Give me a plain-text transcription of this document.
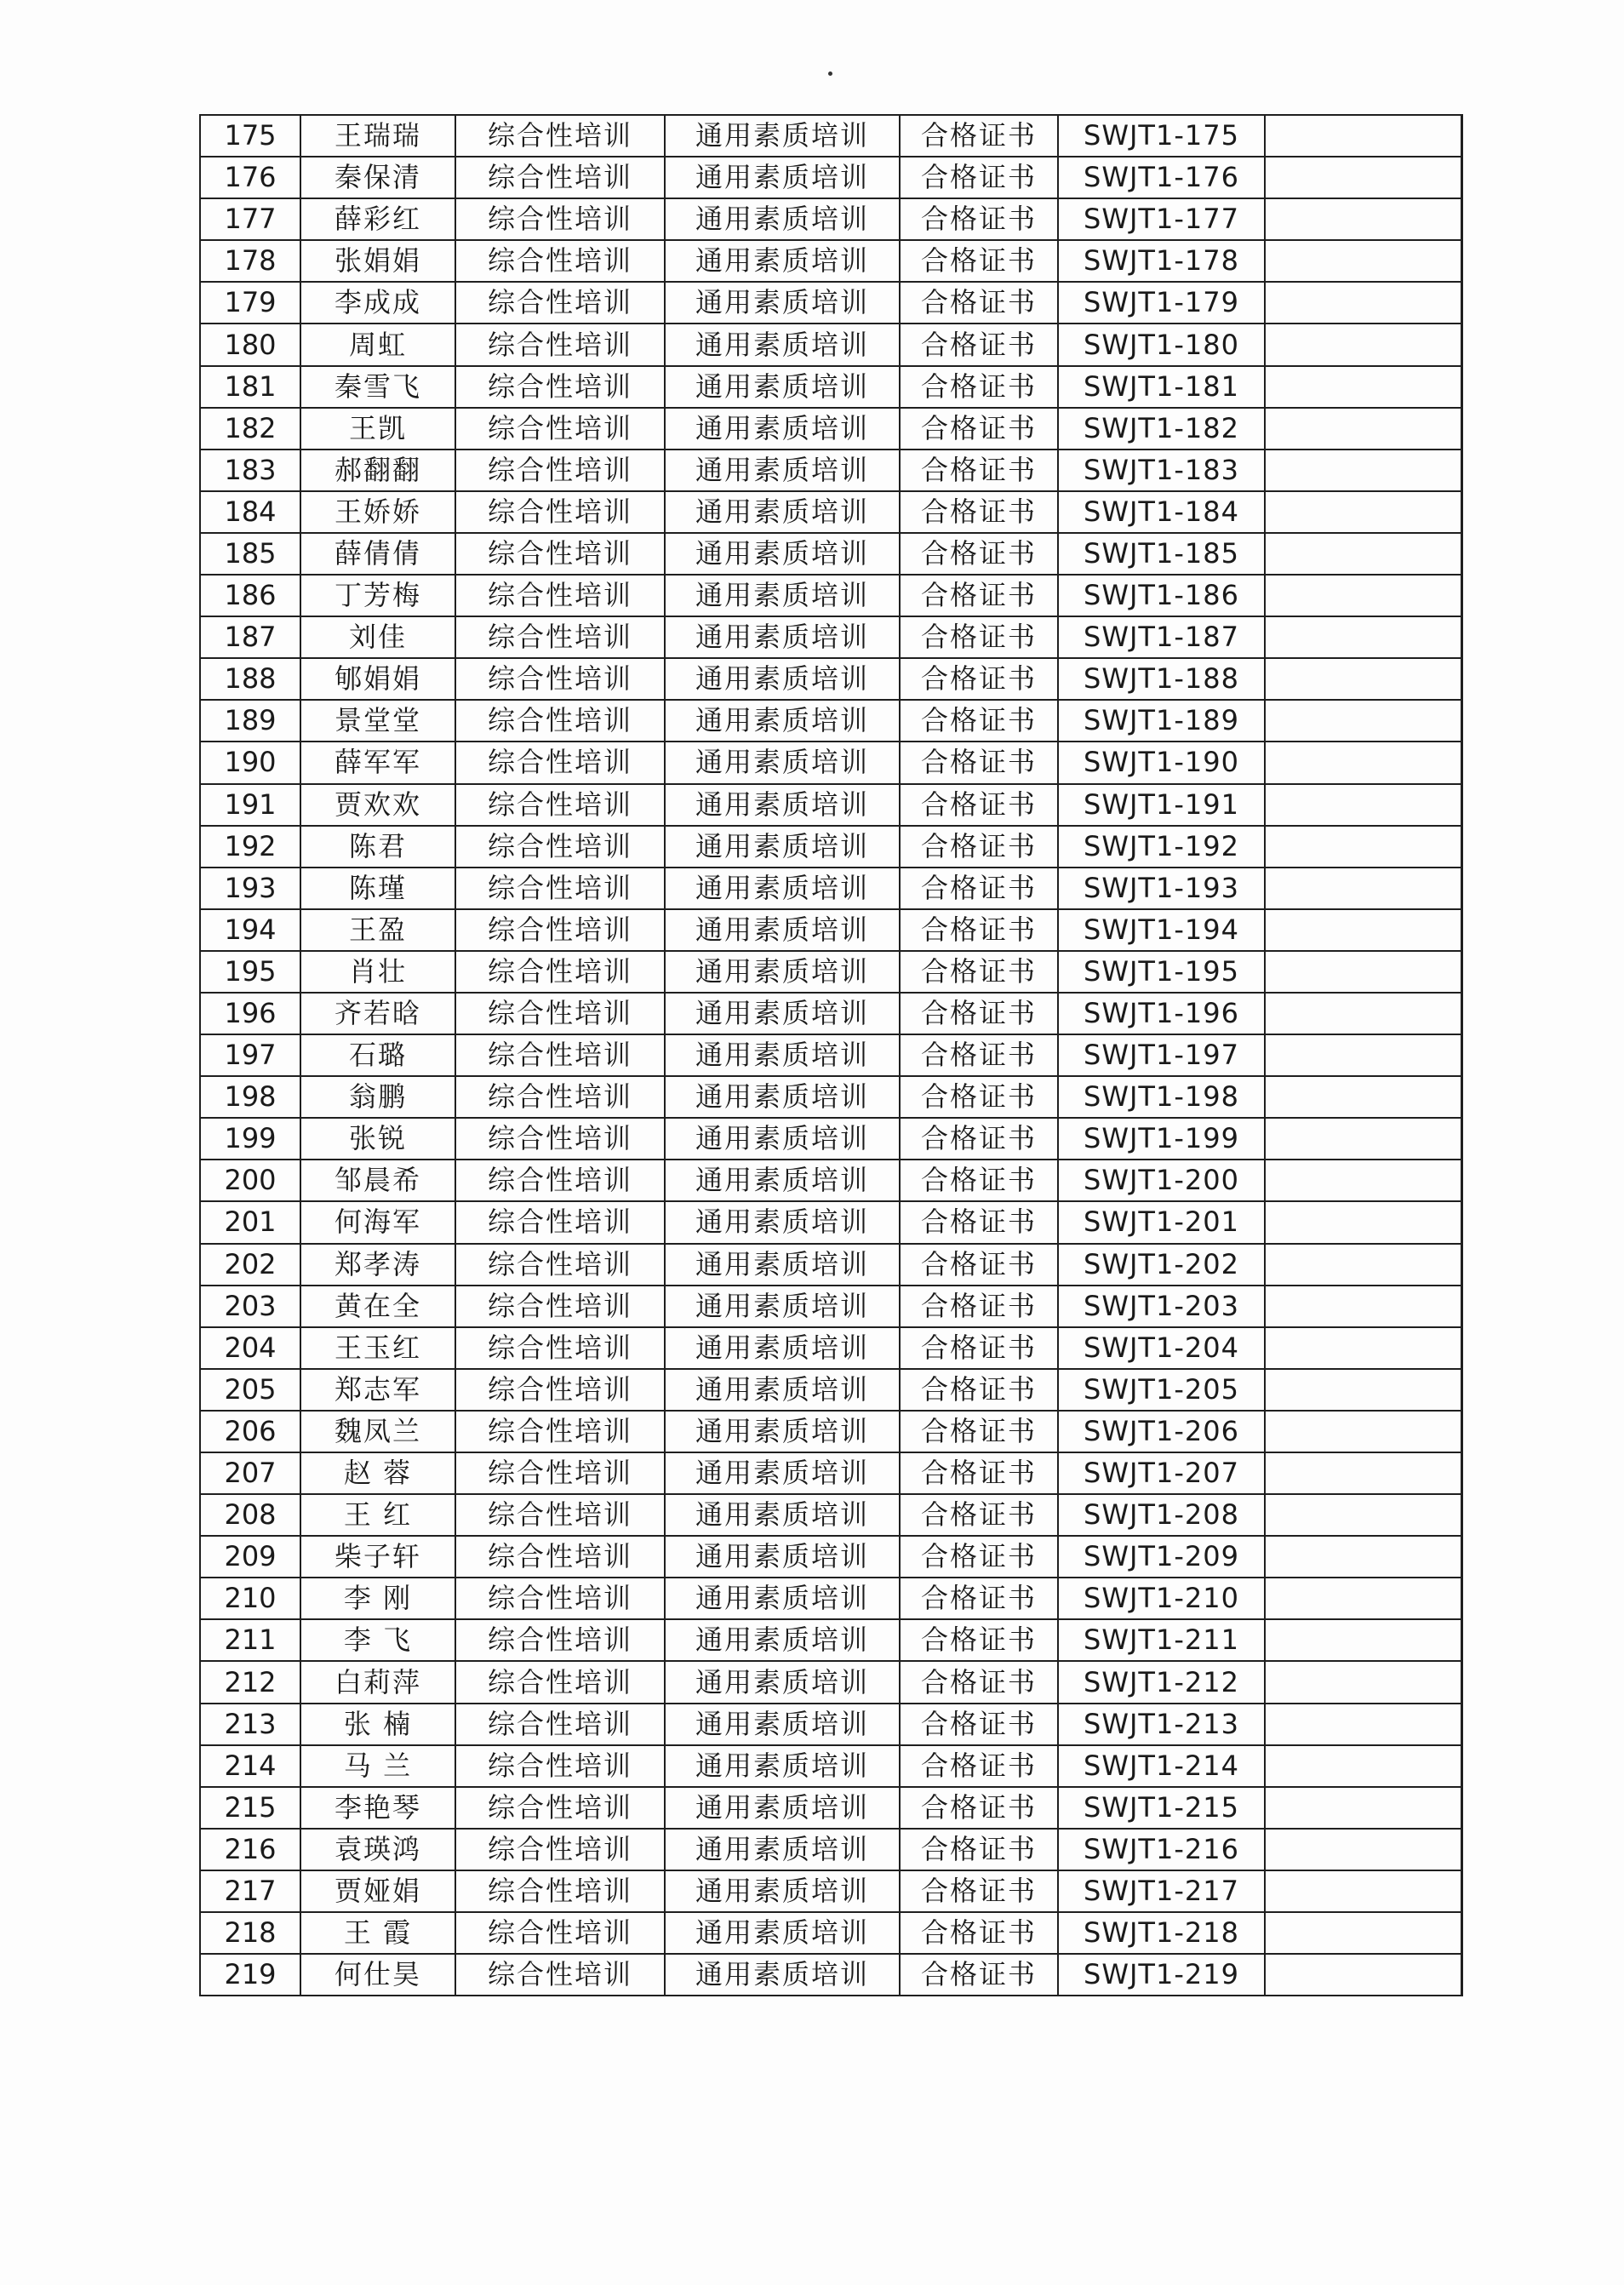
175	王瑞瑞	综合性培训	通用素质培训	合格证书	SWJT1-175	
176	秦保清	综合性培训	通用素质培训	合格证书	SWJT1-176	
177	薛彩红	综合性培训	通用素质培训	合格证书	SWJT1-177	
178	张娟娟	综合性培训	通用素质培训	合格证书	SWJT1-178	
179	李成成	综合性培训	通用素质培训	合格证书	SWJT1-179	
180	周虹	综合性培训	通用素质培训	合格证书	SWJT1-180	
181	秦雪飞	综合性培训	通用素质培训	合格证书	SWJT1-181	
182	王凯	综合性培训	通用素质培训	合格证书	SWJT1-182	
183	郝翻翻	综合性培训	通用素质培训	合格证书	SWJT1-183	
184	王娇娇	综合性培训	通用素质培训	合格证书	SWJT1-184	
185	薛倩倩	综合性培训	通用素质培训	合格证书	SWJT1-185	
186	丁芳梅	综合性培训	通用素质培训	合格证书	SWJT1-186	
187	刘佳	综合性培训	通用素质培训	合格证书	SWJT1-187	
188	郇娟娟	综合性培训	通用素质培训	合格证书	SWJT1-188	
189	景堂堂	综合性培训	通用素质培训	合格证书	SWJT1-189	
190	薛军军	综合性培训	通用素质培训	合格证书	SWJT1-190	
191	贾欢欢	综合性培训	通用素质培训	合格证书	SWJT1-191	
192	陈君	综合性培训	通用素质培训	合格证书	SWJT1-192	
193	陈瑾	综合性培训	通用素质培训	合格证书	SWJT1-193	
194	王盈	综合性培训	通用素质培训	合格证书	SWJT1-194	
195	肖壮	综合性培训	通用素质培训	合格证书	SWJT1-195	
196	齐若晗	综合性培训	通用素质培训	合格证书	SWJT1-196	
197	石璐	综合性培训	通用素质培训	合格证书	SWJT1-197	
198	翁鹏	综合性培训	通用素质培训	合格证书	SWJT1-198	
199	张锐	综合性培训	通用素质培训	合格证书	SWJT1-199	
200	邹晨希	综合性培训	通用素质培训	合格证书	SWJT1-200	
201	何海军	综合性培训	通用素质培训	合格证书	SWJT1-201	
202	郑孝涛	综合性培训	通用素质培训	合格证书	SWJT1-202	
203	黄在全	综合性培训	通用素质培训	合格证书	SWJT1-203	
204	王玉红	综合性培训	通用素质培训	合格证书	SWJT1-204	
205	郑志军	综合性培训	通用素质培训	合格证书	SWJT1-205	
206	魏凤兰	综合性培训	通用素质培训	合格证书	SWJT1-206	
207	赵 蓉	综合性培训	通用素质培训	合格证书	SWJT1-207	
208	王 红	综合性培训	通用素质培训	合格证书	SWJT1-208	
209	柴子轩	综合性培训	通用素质培训	合格证书	SWJT1-209	
210	李 刚	综合性培训	通用素质培训	合格证书	SWJT1-210	
211	李 飞	综合性培训	通用素质培训	合格证书	SWJT1-211	
212	白莉萍	综合性培训	通用素质培训	合格证书	SWJT1-212	
213	张 楠	综合性培训	通用素质培训	合格证书	SWJT1-213	
214	马 兰	综合性培训	通用素质培训	合格证书	SWJT1-214	
215	李艳琴	综合性培训	通用素质培训	合格证书	SWJT1-215	
216	袁瑛鸿	综合性培训	通用素质培训	合格证书	SWJT1-216	
217	贾娅娟	综合性培训	通用素质培训	合格证书	SWJT1-217	
218	王 霞	综合性培训	通用素质培训	合格证书	SWJT1-218	
219	何仕昊	综合性培训	通用素质培训	合格证书	SWJT1-219	
